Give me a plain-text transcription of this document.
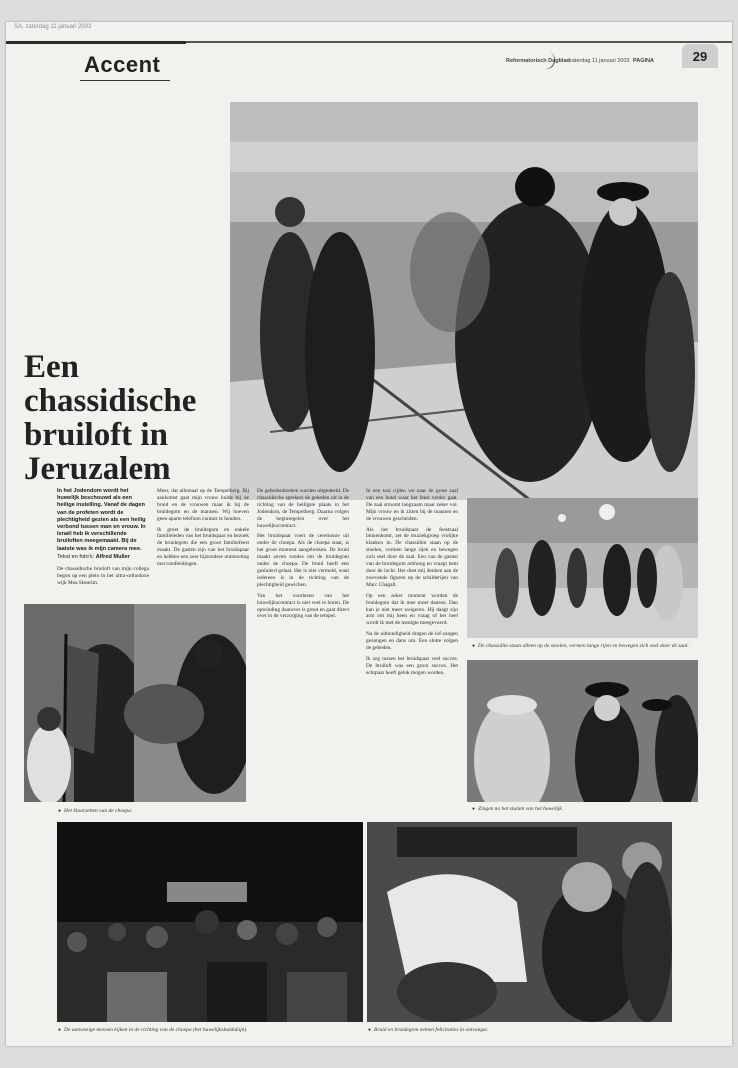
SA, zaterdag 11 januari 2003
Accent	Reformatorisch Dagblad zaterdag 11 januari 2003 PAGINA	29
●
Een chassidische bruiloft in Jeruzalem
In het Jodendom wordt het huwelijk beschouwd als een heilige instelling. Vanaf de dagen van de profeten wordt de plechtigheid gezien als een heilig verbond tussen man en vrouw. In Israël heb ik verschillende bruiloften meegemaakt. Bij de laatste was ik mijn camera mee.
Tekst en foto's: Alfred Muller

De chassidische bruiloft van mijn collega begon op een plein in het ultra-orthodoxe wijk Mea Shearim.

Meer, dat allemaal op de Tempelberg. Bij aankomst gaat mijn vrouw hulde bij de bruid en de vrouwen maar ik bij de bruidegom en de mannen. Wij hoeven geen aparte telefoon contact te houden.

Ik groet de bruidegom en enkele familieleden van het bruidspaar en bezoek de bruidegom die een groot familiefeest maakt. De gasten zijn van het bruidspaar en hebben een zeer bijzondere ontmoeting met rondleidingen.

De gebedenboeken worden uitgedeeld. De chassidische sprekers de gebeden uit in de richting van de heiligste plaats in het Jodendom, de Tempelberg. Daarna volgen de beginregelen over het huwelijkscontract.

Het bruidspaar voert de ceremonie uit onder de choepa. Als de choepa staat, is het groot moment aangebroken. De bruid maakt zeven rondes om de bruidegom onder de choepa. De bruid heeft een gesluierd gelaat. Het is niet vermeld, want iedereen is in de richting van de plechtigheid gewichen.

Van het voorlezen van het huwelijkscontract is niet veel te horen. De opwinding daarover is groot en gaat direct over in de verzorging van de tempel.

In een taxi rijden we naar de grote zaal van een hotel waar het feest verder gaat. De zaal stroomt langzaam maar zeker vol. Mijn vrouw en ik zitten bij de mannen en de vrouwen gescheiden.

Als het bruidspaar de feestzaal binnenkomt, zet de muziekgroep vrolijke klanken in. De chassidim staan op de stoelen, vormen lange rijen en bewegen zich snel door de zaal. Een van de gasten van de bruidegom omhoog en vraagt hem door de lucht. Het doet mij denken aan de zwevende figuren op de schilderijen van Marc Chagall.

Op een zeker moment worden de bruidegom dat ik mee moet dansen. Dan kan je niet meer weigeren. Hij daagt zijn arm om mij heen en vraag of het heel wordt ik met de menigte meegevoerd.

Na de uitbundigheid dragen de lof-zangen gezongen en dans om. Een slotte volgen de gebeden.

Ik zeg tussen het bruidspaar veel succes. De bruiloft was een groot succes. Het echtpaar heeft geluk mogen worden.

● Het klaarzetten van de choepa.
● De chassidim staan alleen op de stoelen, vormen lange rijen en bewegen zich snel door de zaal.
● Zingen na het sluiten van het huwelijk.
● De aanwezige mensen kijken in de richting van de choepa (het huwelijksbaldakijn).
●	Bruid en bruidegom nemen felicitaties in ontvangst.
